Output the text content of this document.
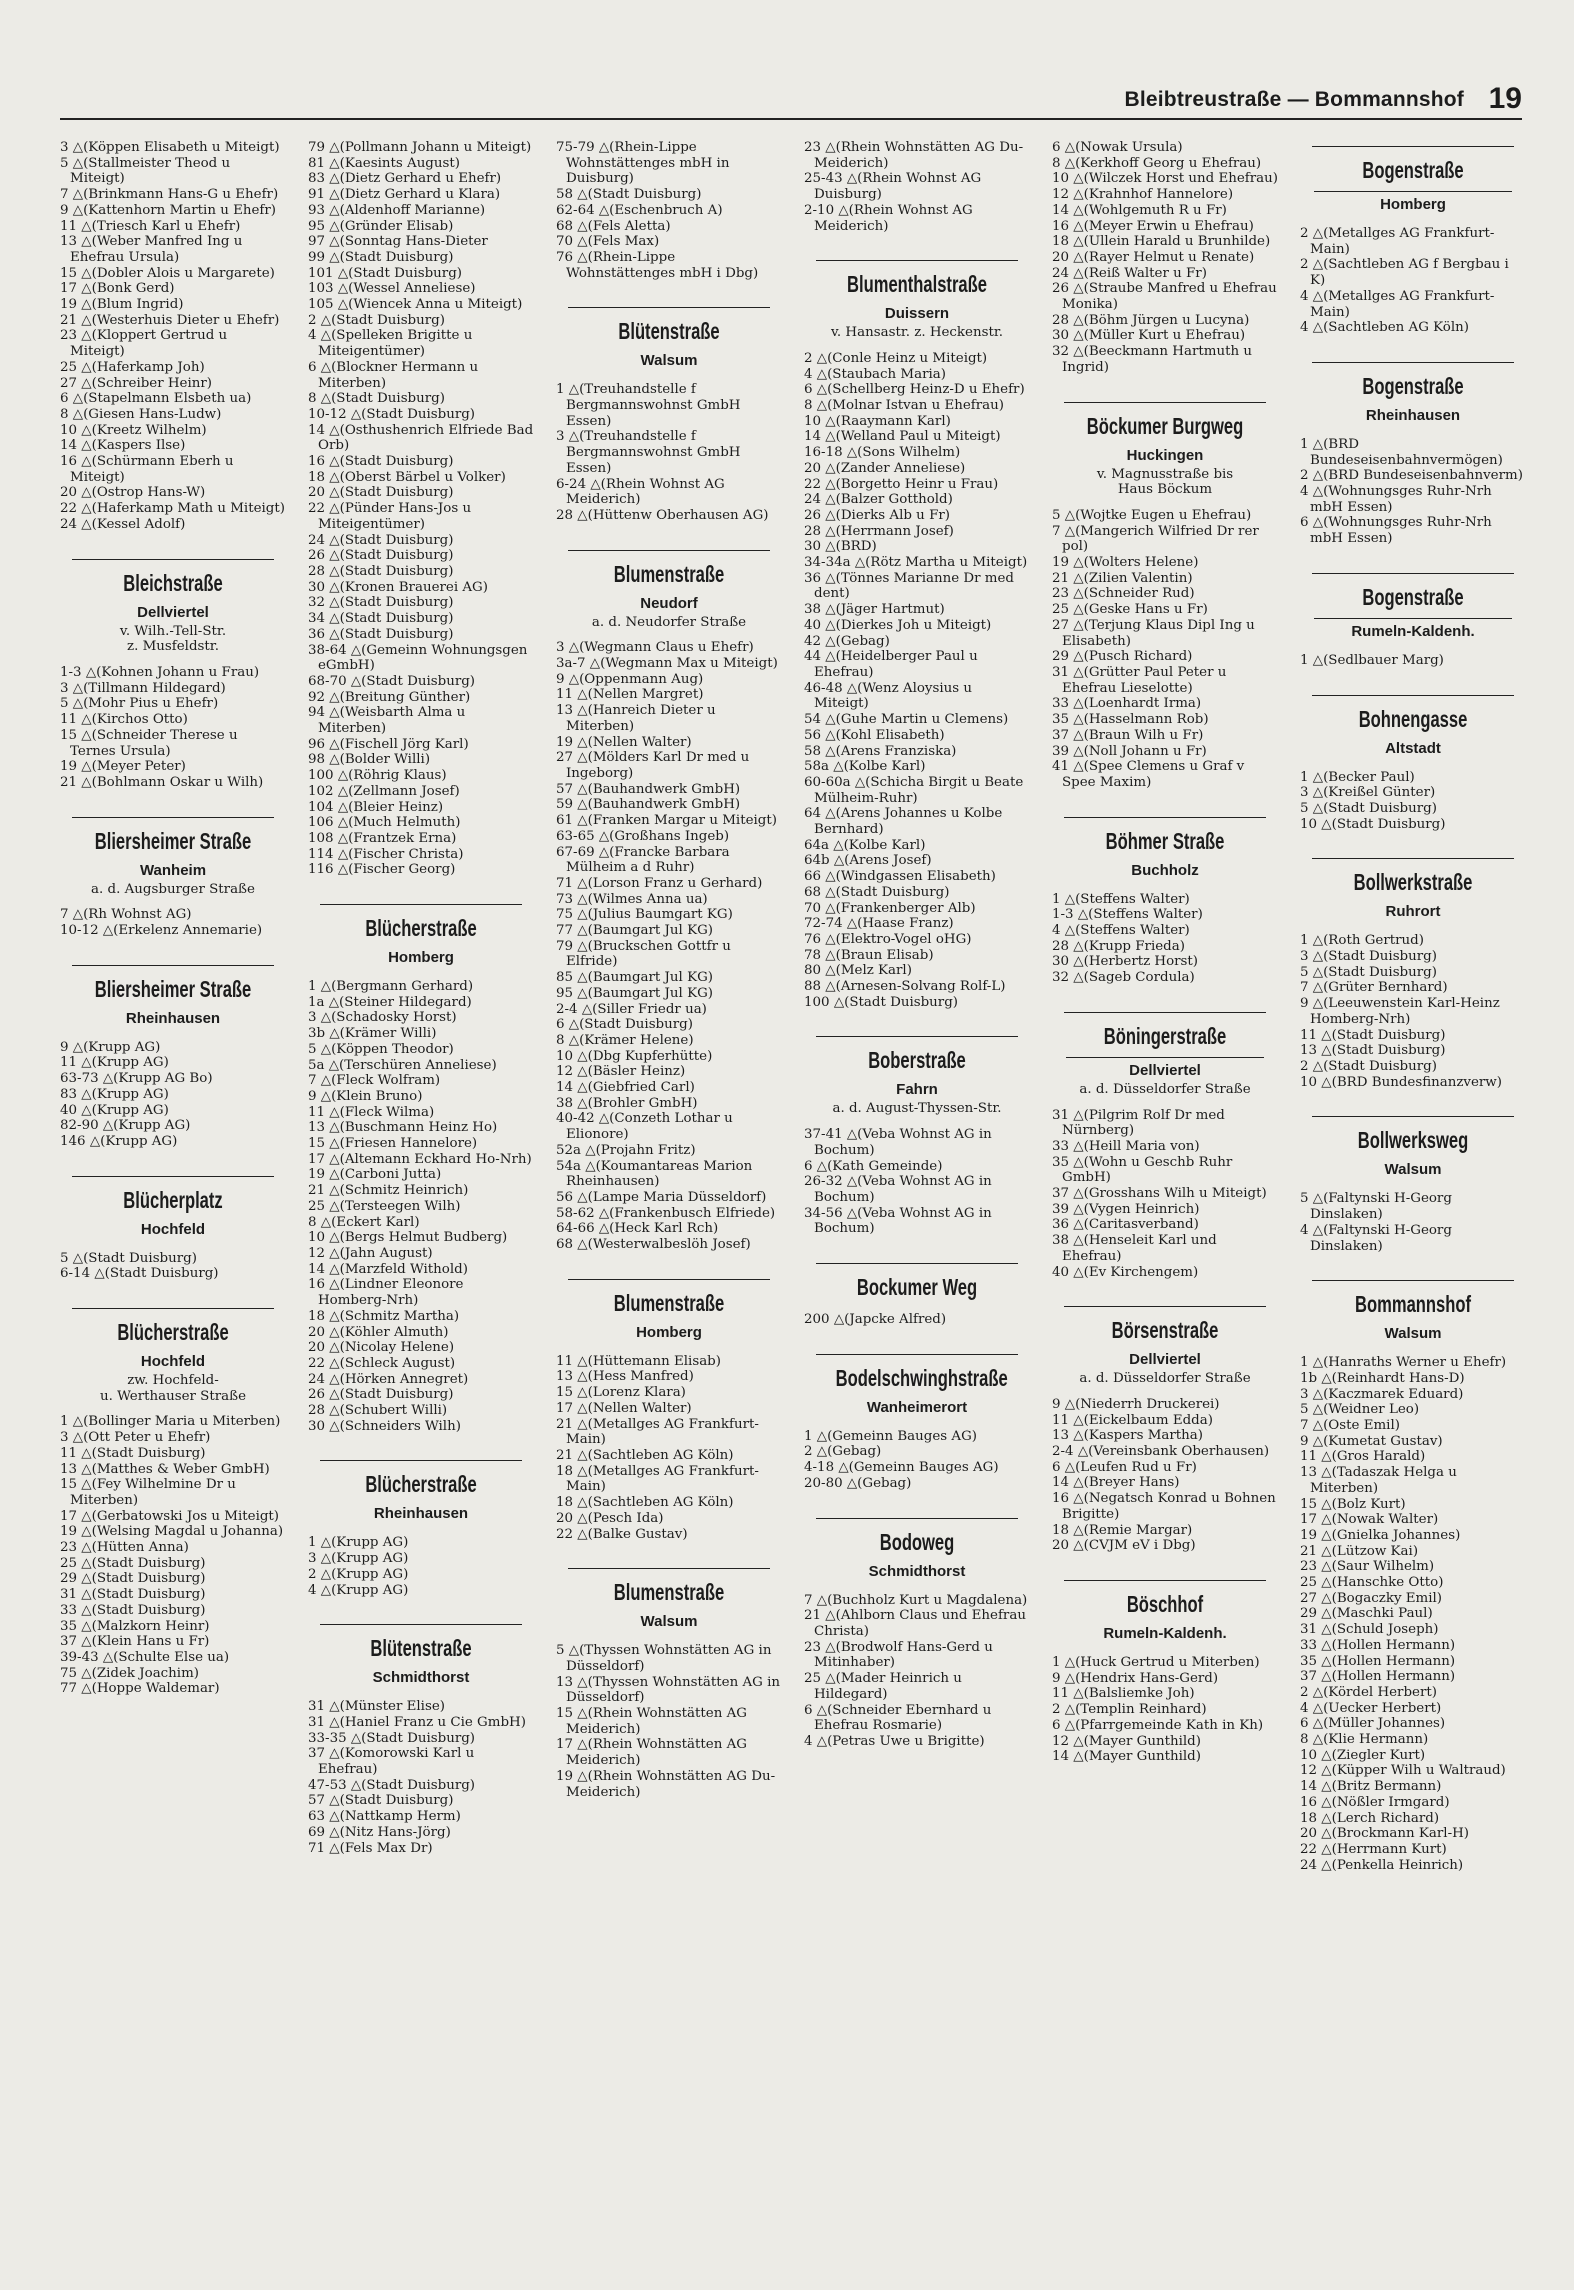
Bleibtreustraße — Bommannshof 19
3 △(Köppen Elisabeth u Miteigt)
5 △(Stallmeister Theod u Miteigt)
7 △(Brinkmann Hans-G u Ehefr)
9 △(Kattenhorn Martin u Ehefr)
11 △(Triesch Karl u Ehefr)
13 △(Weber Manfred Ing u Ehefrau Ursula)
15 △(Dobler Alois u Margarete)
17 △(Bonk Gerd)
19 △(Blum Ingrid)
21 △(Westerhuis Dieter u Ehefr)
23 △(Kloppert Gertrud u Miteigt)
25 △(Haferkamp Joh)
27 △(Schreiber Heinr)
6 △(Stapelmann Elsbeth ua)
8 △(Giesen Hans-Ludw)
10 △(Kreetz Wilhelm)
14 △(Kaspers Ilse)
16 △(Schürmann Eberh u Miteigt)
20 △(Ostrop Hans-W)
22 △(Haferkamp Math u Miteigt)
24 △(Kessel Adolf)
Bleichstraße
Dellviertel
v. Wilh.-Tell-Str.
z. Musfeldstr.
1-3 △(Kohnen Johann u Frau)
3 △(Tillmann Hildegard)
5 △(Mohr Pius u Ehefr)
11 △(Kirchos Otto)
15 △(Schneider Therese u Ternes Ursula)
19 △(Meyer Peter)
21 △(Bohlmann Oskar u Wilh)
Bliersheimer Straße
Wanheim
a. d. Augsburger Straße
7 △(Rh Wohnst AG)
10-12 △(Erkelenz Annemarie)
Bliersheimer Straße
Rheinhausen
9 △(Krupp AG)
11 △(Krupp AG)
63-73 △(Krupp AG Bo)
83 △(Krupp AG)
40 △(Krupp AG)
82-90 △(Krupp AG)
146 △(Krupp AG)
Blücherplatz
Hochfeld
5 △(Stadt Duisburg)
6-14 △(Stadt Duisburg)
Blücherstraße
Hochfeld
zw. Hochfeld-
u. Werthauser Straße
1 △(Bollinger Maria u Miterben)
3 △(Ott Peter u Ehefr)
11 △(Stadt Duisburg)
13 △(Matthes & Weber GmbH)
15 △(Fey Wilhelmine Dr u Miterben)
17 △(Gerbatowski Jos u Miteigt)
19 △(Welsing Magdal u Johanna)
23 △(Hütten Anna)
25 △(Stadt Duisburg)
29 △(Stadt Duisburg)
31 △(Stadt Duisburg)
33 △(Stadt Duisburg)
35 △(Malzkorn Heinr)
37 △(Klein Hans u Fr)
39-43 △(Schulte Else ua)
75 △(Zidek Joachim)
77 △(Hoppe Waldemar)
79 △(Pollmann Johann u Miteigt)
81 △(Kaesints August)
83 △(Dietz Gerhard u Ehefr)
91 △(Dietz Gerhard u Klara)
93 △(Aldenhoff Marianne)
95 △(Gründer Elisab)
97 △(Sonntag Hans-Dieter
99 △(Stadt Duisburg)
101 △(Stadt Duisburg)
103 △(Wessel Anneliese)
105 △(Wiencek Anna u Miteigt)
2 △(Stadt Duisburg)
4 △(Spelleken Brigitte u Miteigentümer)
6 △(Blockner Hermann u Miterben)
8 △(Stadt Duisburg)
10-12 △(Stadt Duisburg)
14 △(Osthushenrich Elfriede Bad Orb)
16 △(Stadt Duisburg)
18 △(Oberst Bärbel u Volker)
20 △(Stadt Duisburg)
22 △(Pünder Hans-Jos u Miteigentümer)
24 △(Stadt Duisburg)
26 △(Stadt Duisburg)
28 △(Stadt Duisburg)
30 △(Kronen Brauerei AG)
32 △(Stadt Duisburg)
34 △(Stadt Duisburg)
36 △(Stadt Duisburg)
38-64 △(Gemeinn Wohnungsgen eGmbH)
68-70 △(Stadt Duisburg)
92 △(Breitung Günther)
94 △(Weisbarth Alma u Miterben)
96 △(Fischell Jörg Karl)
98 △(Bolder Willi)
100 △(Röhrig Klaus)
102 △(Zellmann Josef)
104 △(Bleier Heinz)
106 △(Much Helmuth)
108 △(Frantzek Erna)
114 △(Fischer Christa)
116 △(Fischer Georg)
Blücherstraße
Homberg
1 △(Bergmann Gerhard)
1a △(Steiner Hildegard)
3 △(Schadosky Horst)
3b △(Krämer Willi)
5 △(Köppen Theodor)
5a △(Terschüren Anneliese)
7 △(Fleck Wolfram)
9 △(Klein Bruno)
11 △(Fleck Wilma)
13 △(Buschmann Heinz Ho)
15 △(Friesen Hannelore)
17 △(Altemann Eckhard Ho-Nrh)
19 △(Carboni Jutta)
21 △(Schmitz Heinrich)
25 △(Tersteegen Wilh)
8 △(Eckert Karl)
10 △(Bergs Helmut Budberg)
12 △(Jahn August)
14 △(Marzfeld Withold)
16 △(Lindner Eleonore Homberg-Nrh)
18 △(Schmitz Martha)
20 △(Köhler Almuth)
20 △(Nicolay Helene)
22 △(Schleck August)
24 △(Hörken Annegret)
26 △(Stadt Duisburg)
28 △(Schubert Willi)
30 △(Schneiders Wilh)
Blücherstraße
Rheinhausen
1 △(Krupp AG)
3 △(Krupp AG)
2 △(Krupp AG)
4 △(Krupp AG)
Blütenstraße
Schmidthorst
31 △(Münster Elise)
31 △(Haniel Franz u Cie GmbH)
33-35 △(Stadt Duisburg)
37 △(Komorowski Karl u Ehefrau)
47-53 △(Stadt Duisburg)
57 △(Stadt Duisburg)
63 △(Nattkamp Herm)
69 △(Nitz Hans-Jörg)
71 △(Fels Max Dr)
75-79 △(Rhein-Lippe Wohnstättenges mbH in Duisburg)
58 △(Stadt Duisburg)
62-64 △(Eschenbruch A)
68 △(Fels Aletta)
70 △(Fels Max)
76 △(Rhein-Lippe Wohnstättenges mbH i Dbg)
Blütenstraße
Walsum
1 △(Treuhandstelle f Bergmannswohnst GmbH Essen)
3 △(Treuhandstelle f Bergmannswohnst GmbH Essen)
6-24 △(Rhein Wohnst AG Meiderich)
28 △(Hüttenw Oberhausen AG)
Blumenstraße
Neudorf
a. d. Neudorfer Straße
3 △(Wegmann Claus u Ehefr)
3a-7 △(Wegmann Max u Miteigt)
9 △(Oppenmann Aug)
11 △(Nellen Margret)
13 △(Hanreich Dieter u Miterben)
19 △(Nellen Walter)
27 △(Mölders Karl Dr med u Ingeborg)
57 △(Bauhandwerk GmbH)
59 △(Bauhandwerk GmbH)
61 △(Franken Margar u Miteigt)
63-65 △(Großhans Ingeb)
67-69 △(Francke Barbara Mülheim a d Ruhr)
71 △(Lorson Franz u Gerhard)
73 △(Wilmes Anna ua)
75 △(Julius Baumgart KG)
77 △(Baumgart Jul KG)
79 △(Bruckschen Gottfr u Elfride)
85 △(Baumgart Jul KG)
95 △(Baumgart Jul KG)
2-4 △(Siller Friedr ua)
6 △(Stadt Duisburg)
8 △(Krämer Helene)
10 △(Dbg Kupferhütte)
12 △(Bäsler Heinz)
14 △(Giebfried Carl)
38 △(Brohler GmbH)
40-42 △(Conzeth Lothar u Elionore)
52a △(Projahn Fritz)
54a △(Koumantareas Marion Rheinhausen)
56 △(Lampe Maria Düsseldorf)
58-62 △(Frankenbusch Elfriede)
64-66 △(Heck Karl Rch)
68 △(Westerwalbeslöh Josef)
Blumenstraße
Homberg
11 △(Hüttemann Elisab)
13 △(Hess Manfred)
15 △(Lorenz Klara)
17 △(Nellen Walter)
21 △(Metallges AG Frankfurt-Main)
21 △(Sachtleben AG Köln)
18 △(Metallges AG Frankfurt-Main)
18 △(Sachtleben AG Köln)
20 △(Pesch Ida)
22 △(Balke Gustav)
Blumenstraße
Walsum
5 △(Thyssen Wohnstätten AG in Düsseldorf)
13 △(Thyssen Wohnstätten AG in Düsseldorf)
15 △(Rhein Wohnstätten AG Meiderich)
17 △(Rhein Wohnstätten AG Meiderich)
19 △(Rhein Wohnstätten AG Du-Meiderich)
23 △(Rhein Wohnstätten AG Du-Meiderich)
25-43 △(Rhein Wohnst AG Duisburg)
2-10 △(Rhein Wohnst AG Meiderich)
Blumenthalstraße
Duissern
v. Hansastr. z. Heckenstr.
2 △(Conle Heinz u Miteigt)
4 △(Staubach Maria)
6 △(Schellberg Heinz-D u Ehefr)
8 △(Molnar Istvan u Ehefrau)
10 △(Raaymann Karl)
14 △(Welland Paul u Miteigt)
16-18 △(Sons Wilhelm)
20 △(Zander Anneliese)
22 △(Borgetto Heinr u Frau)
24 △(Balzer Gotthold)
26 △(Dierks Alb u Fr)
28 △(Herrmann Josef)
30 △(BRD)
34-34a △(Rötz Martha u Miteigt)
36 △(Tönnes Marianne Dr med dent)
38 △(Jäger Hartmut)
40 △(Dierkes Joh u Miteigt)
42 △(Gebag)
44 △(Heidelberger Paul u Ehefrau)
46-48 △(Wenz Aloysius u Miteigt)
54 △(Guhe Martin u Clemens)
56 △(Kohl Elisabeth)
58 △(Arens Franziska)
58a △(Kolbe Karl)
60-60a △(Schicha Birgit u Beate Mülheim-Ruhr)
64 △(Arens Johannes u Kolbe Bernhard)
64a △(Kolbe Karl)
64b △(Arens Josef)
66 △(Windgassen Elisabeth)
68 △(Stadt Duisburg)
70 △(Frankenberger Alb)
72-74 △(Haase Franz)
76 △(Elektro-Vogel oHG)
78 △(Braun Elisab)
80 △(Melz Karl)
88 △(Arnesen-Solvang Rolf-L)
100 △(Stadt Duisburg)
Boberstraße
Fahrn
a. d. August-Thyssen-Str.
37-41 △(Veba Wohnst AG in Bochum)
6 △(Kath Gemeinde)
26-32 △(Veba Wohnst AG in Bochum)
34-56 △(Veba Wohnst AG in Bochum)
Bockumer Weg
200 △(Japcke Alfred)
Bodelschwinghstraße
Wanheimerort
1 △(Gemeinn Bauges AG)
2 △(Gebag)
4-18 △(Gemeinn Bauges AG)
20-80 △(Gebag)
Bodoweg
Schmidthorst
7 △(Buchholz Kurt u Magdalena)
21 △(Ahlborn Claus und Ehefrau Christa)
23 △(Brodwolf Hans-Gerd u Mitinhaber)
25 △(Mader Heinrich u Hildegard)
6 △(Schneider Ebernhard u Ehefrau Rosmarie)
4 △(Petras Uwe u Brigitte)
6 △(Nowak Ursula)
8 △(Kerkhoff Georg u Ehefrau)
10 △(Wilczek Horst und Ehefrau)
12 △(Krahnhof Hannelore)
14 △(Wohlgemuth R u Fr)
16 △(Meyer Erwin u Ehefrau)
18 △(Ullein Harald u Brunhilde)
20 △(Rayer Helmut u Renate)
24 △(Reiß Walter u Fr)
26 △(Straube Manfred u Ehefrau Monika)
28 △(Böhm Jürgen u Lucyna)
30 △(Müller Kurt u Ehefrau)
32 △(Beeckmann Hartmuth u Ingrid)
Böckumer Burgweg
Huckingen
v. Magnusstraße bis
Haus Böckum
5 △(Wojtke Eugen u Ehefrau)
7 △(Mangerich Wilfried Dr rer pol)
19 △(Wolters Helene)
21 △(Zilien Valentin)
23 △(Schneider Rud)
25 △(Geske Hans u Fr)
27 △(Terjung Klaus Dipl Ing u Elisabeth)
29 △(Pusch Richard)
31 △(Grütter Paul Peter u Ehefrau Lieselotte)
33 △(Loenhardt Irma)
35 △(Hasselmann Rob)
37 △(Braun Wilh u Fr)
39 △(Noll Johann u Fr)
41 △(Spee Clemens u Graf v Spee Maxim)
Böhmer Straße
Buchholz
1 △(Steffens Walter)
1-3 △(Steffens Walter)
4 △(Steffens Walter)
28 △(Krupp Frieda)
30 △(Herbertz Horst)
32 △(Sageb Cordula)
Böningerstraße
Dellviertel
a. d. Düsseldorfer Straße
31 △(Pilgrim Rolf Dr med Nürnberg)
33 △(Heill Maria von)
35 △(Wohn u Geschb Ruhr GmbH)
37 △(Grosshans Wilh u Miteigt)
39 △(Vygen Heinrich)
36 △(Caritasverband)
38 △(Henseleit Karl und Ehefrau)
40 △(Ev Kirchengem)
Börsenstraße
Dellviertel
a. d. Düsseldorfer Straße
9 △(Niederrh Druckerei)
11 △(Eickelbaum Edda)
13 △(Kaspers Martha)
2-4 △(Vereinsbank Oberhausen)
6 △(Leufen Rud u Fr)
14 △(Breyer Hans)
16 △(Negatsch Konrad u Bohnen Brigitte)
18 △(Remie Margar)
20 △(CVJM eV i Dbg)
Böschhof
Rumeln-Kaldenh.
1 △(Huck Gertrud u Miterben)
9 △(Hendrix Hans-Gerd)
11 △(Balsliemke Joh)
2 △(Templin Reinhard)
6 △(Pfarrgemeinde Kath in Kh)
12 △(Mayer Gunthild)
14 △(Mayer Gunthild)
Bogenstraße
Homberg
2 △(Metallges AG Frankfurt-Main)
2 △(Sachtleben AG f Bergbau i K)
4 △(Metallges AG Frankfurt-Main)
4 △(Sachtleben AG Köln)
Bogenstraße
Rheinhausen
1 △(BRD Bundeseisenbahnvermögen)
2 △(BRD Bundeseisenbahnverm)
4 △(Wohnungsges Ruhr-Nrh mbH Essen)
6 △(Wohnungsges Ruhr-Nrh mbH Essen)
Bogenstraße
Rumeln-Kaldenh.
1 △(Sedlbauer Marg)
Bohnengasse
Altstadt
1 △(Becker Paul)
3 △(Kreißel Günter)
5 △(Stadt Duisburg)
10 △(Stadt Duisburg)
Bollwerkstraße
Ruhrort
1 △(Roth Gertrud)
3 △(Stadt Duisburg)
5 △(Stadt Duisburg)
7 △(Grüter Bernhard)
9 △(Leeuwenstein Karl-Heinz Homberg-Nrh)
11 △(Stadt Duisburg)
13 △(Stadt Duisburg)
2 △(Stadt Duisburg)
10 △(BRD Bundesfinanzverw)
Bollwerksweg
Walsum
5 △(Faltynski H-Georg Dinslaken)
4 △(Faltynski H-Georg Dinslaken)
Bommannshof
Walsum
1 △(Hanraths Werner u Ehefr)
1b △(Reinhardt Hans-D)
3 △(Kaczmarek Eduard)
5 △(Weidner Leo)
7 △(Oste Emil)
9 △(Kumetat Gustav)
11 △(Gros Harald)
13 △(Tadaszak Helga u Miterben)
15 △(Bolz Kurt)
17 △(Nowak Walter)
19 △(Gnielka Johannes)
21 △(Lützow Kai)
23 △(Saur Wilhelm)
25 △(Hanschke Otto)
27 △(Bogaczky Emil)
29 △(Maschki Paul)
31 △(Schuld Joseph)
33 △(Hollen Hermann)
35 △(Hollen Hermann)
37 △(Hollen Hermann)
2 △(Kördel Herbert)
4 △(Uecker Herbert)
6 △(Müller Johannes)
8 △(Klie Hermann)
10 △(Ziegler Kurt)
12 △(Küpper Wilh u Waltraud)
14 △(Britz Bermann)
16 △(Nößler Irmgard)
18 △(Lerch Richard)
20 △(Brockmann Karl-H)
22 △(Herrmann Kurt)
24 △(Penkella Heinrich)
